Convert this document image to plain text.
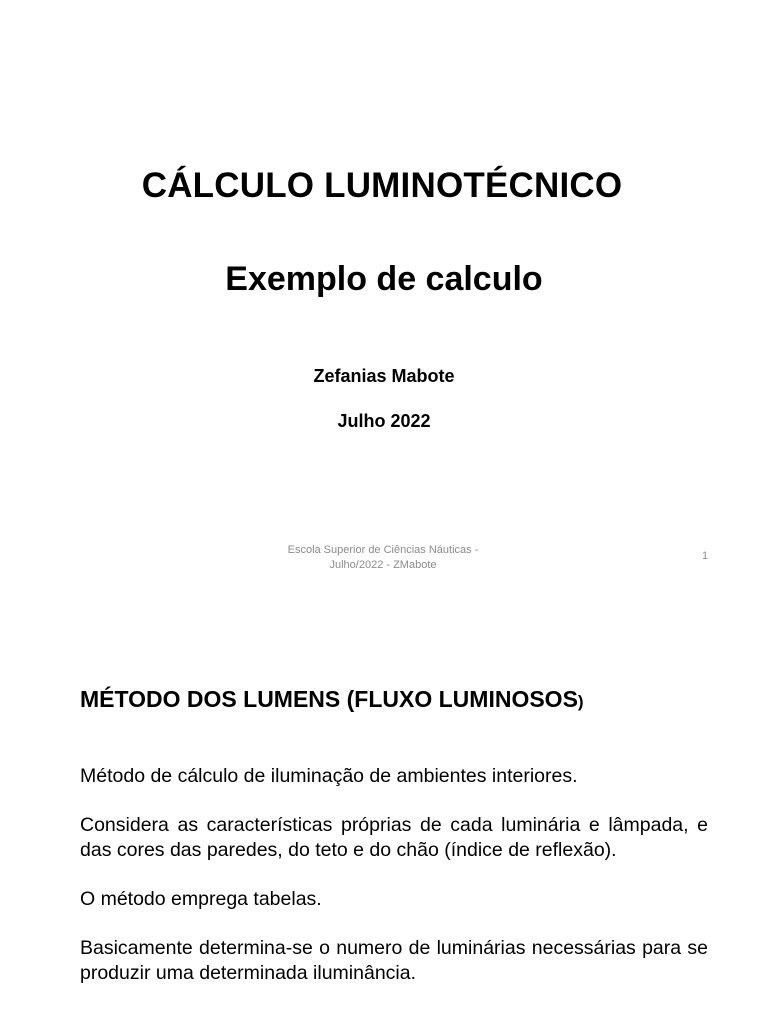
CÁLCULO LUMINOTÉCNICO
Exemplo de calculo
Zefanias Mabote
Julho 2022
Escola Superior de Ciências Náuticas -
Julho/2022 - ZMabote
1
MÉTODO DOS LUMENS (FLUXO LUMINOSOS)

Método de cálculo de iluminação de ambientes interiores.

Considera as características próprias de cada luminária e lâmpada, e das cores das paredes, do teto e do chão (índice de reflexão).

O método emprega tabelas.

Basicamente determina-se o numero de luminárias necessárias para se produzir uma determinada iluminância.
